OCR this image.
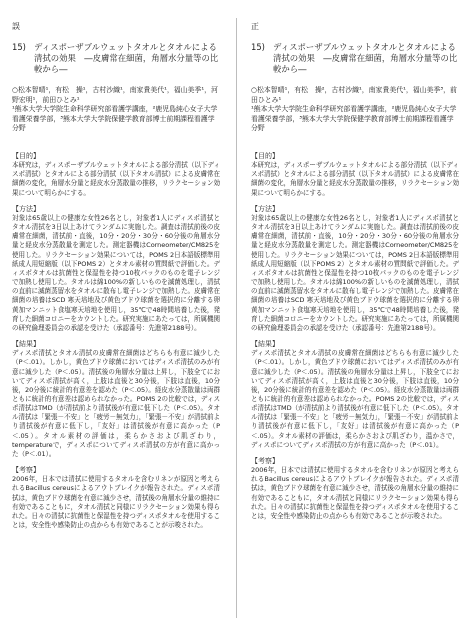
誤
15) ディスポーザブルウェットタオルとタオルによる清拭の効果　―皮膚常在細菌，角層水分量等の比較から―
○松本智晴¹，有松　操¹，古村沙織¹，南家貴美代¹，福山美季¹，河野宏明¹，前田ひとみ¹
¹熊本大学大学院生命科学研究部看護学講座，²鹿児島純心女子大学看護栄養学部，³熊本大学大学院保健学教育部博士前期課程看護学分野
【目的】
本研究は，ディスポーザブルウェットタオルによる部分清拭（以下ディスポ清拭）とタオルによる部分清拭（以下タオル清拭）による皮膚常在細菌の変化，角層水分量と経皮水分蒸散量の推移，リラクセーション効果について明らかにする。
【方法】
対象は65歳以上の健康な女性26名とし，対象者1人にディスポ清拭とタオル清拭を3日以上あけてランダムに実施した。調査は清拭前後の皮膚常在細菌，清拭前・直後，10分・20分・30分・60分後の角層水分量と経皮水分蒸散量を測定した。測定器機はCorneometer/CM825を使用した。リラクセーション効果については，POMS 2日本語版標準用紙成人用短縮版（以下POMS 2）とタオル素材の質問紙で評価した。ディスポタオルは抗菌性と保湿性を持つ10枚パックのものを電子レンジで加熱し使用した。タオルは綿100%の新しいものを滅菌処理し，清拭の直前に滅菌蒸留水をタオルに散布し電子レンジで加熱した。皮膚常在細菌の培養はSCD 寒天培地及び黄色ブドウ球菌を選択的に分離する卵黄加マンニット食塩寒天培地を使用し，35℃で48時間培養した後，発育した細菌コロニーをカウントした。研究実施にあたっては，所属機関の研究倫理委員会の承認を受けた（承認番号：先進第2188号）。
【結果】
ディスポ清拭とタオル清拭の皮膚常在細菌はどちらも有意に減少した（P＜.01）。しかし，黄色ブドウ球菌においてはディスポ清拭のみが有意に減少した（P＜.05）。清拭後の角層水分量は上昇し，下肢全てにおいてディスポ清拭が高く，上肢は直後と30分後，下肢は直後，10分後，20分後に統計的有意差を認めた（P＜.05）。経皮水分蒸散量は両群ともに統計的有意差は認められなかった。POMS 2の比較では，ディスポ清拭はTMD（が清拭前より清拭後が有意に低下した（P＜.05）。タオル清拭は「緊張－不安」と「疲労－無気力」，「緊張－不安」が清拭前より清拭後が有意に低下し，「友好」は清拭後が有意に高かった（P＜.05）。タオル素材の評価は，柔らかさおよび肌ざわり，temperatureで，ディスポについてディスポ清拭の方が有意に高かった（P＜.01）。
【考察】
2006年，日本では清拭に使用するタオルを含むリネンが原因と考えられるBacillus cereusによるアウトブレイクが報告された。ディスポ清拭は，黄色ブドウ球菌を有意に減少させ，清拭後の角層水分量の維持に有効であることもに，タオル清拭と同様にリラクセーション効果も得られた。日々の清拭に抗菌性と保湿性を持つディスポタオルを使用することは，安全性や感染防止の点からも有効であることが示唆された。
正
15) ディスポーザブルウェットタオルとタオルによる清拭の効果　―皮膚常在細菌，角層水分量等の比較から―
○松本智晴¹，有松　操²，古村沙織¹，南家貴美代¹，福山美季³，前田ひとみ¹
¹熊本大学大学院生命科学研究部看護学講座，²鹿児島純心女子大学看護栄養学部，³熊本大学大学院保健学教育部博士前期課程看護学分野
【目的】
本研究は，ディスポーザブルウェットタオルによる部分清拭（以下ディスポ清拭）とタオルによる部分清拭（以下タオル清拭）による皮膚常在細菌の変化，角層水分量と経皮水分蒸散量の推移，リラクセーション効果について明らかにする。
【方法】
対象は65歳以上の健康な女性26名とし，対象者1人にディスポ清拭とタオル清拭を3日以上あけてランダムに実施した。調査は清拭前後の皮膚常在細菌，清拭前・直後，10分・20分・30分・60分後の角層水分量と経皮水分蒸散量を測定した。測定器機はCorneometer/CM825を使用した。リラクセーション効果については，POMS 2日本語版標準用紙成人用短縮版（以下POMS 2）とタオル素材の質問紙で評価した。ディスポタオルは抗菌性と保湿性を持つ10枚パックのものを電子レンジで加熱し使用した。タオルは綿100%の新しいものを滅菌処理し，清拭の直前に滅菌蒸留水をタオルに散布し電子レンジで加熱した。皮膚常在細菌の培養はSCD 寒天培地及び黄色ブドウ球菌を選択的に分離する卵黄加マンニット食塩寒天培地を使用し，35℃で48時間培養した後，発育した細菌コロニーをカウントした。研究実施にあたっては，所属機関の研究倫理委員会の承認を受けた（承認番号：先進第2188号）。
【結果】
ディスポ清拭とタオル清拭の皮膚常在細菌はどちらも有意に減少した（P＜.01）。しかし，黄色ブドウ球菌においてはディスポ清拭のみが有意に減少した（P＜.05）。清拭後の角層水分量は上昇し，下肢全てにおいてディスポ清拭が高く，上肢は直後と30分後，下肢は直後，10分後，20分後に統計的有意差を認めた（P＜.05）。経皮水分蒸散量は両群ともに統計的有意差は認められなかった。POMS 2の比較では，ディスポ清拭はTMD（が清拭前より清拭後が有意に低下した（P＜.05）。タオル清拭は「緊張－不安」と「疲労－無気力」，「緊張－不安」が清拭前より清拭後が有意に低下し，「友好」は清拭後が有意に高かった（P＜.05）。タオル素材の評価は，柔らかさおよび肌ざわり，温かさで，ディスポについてディスポ清拭の方が有意に高かった（P＜.01）。
【考察】
2006年，日本では清拭に使用するタオルを含むリネンが原因と考えられるBacillus cereusによるアウトブレイクが報告された。ディスポ清拭は，黄色ブドウ球菌を有意に減少させ，清拭後の角層水分量の維持に有効であることもに，タオル清拭と同様にリラクセーション効果も得られた。日々の清拭に抗菌性と保湿性を持つディスポタオルを使用することは，安全性や感染防止の点からも有効であることが示唆された。
